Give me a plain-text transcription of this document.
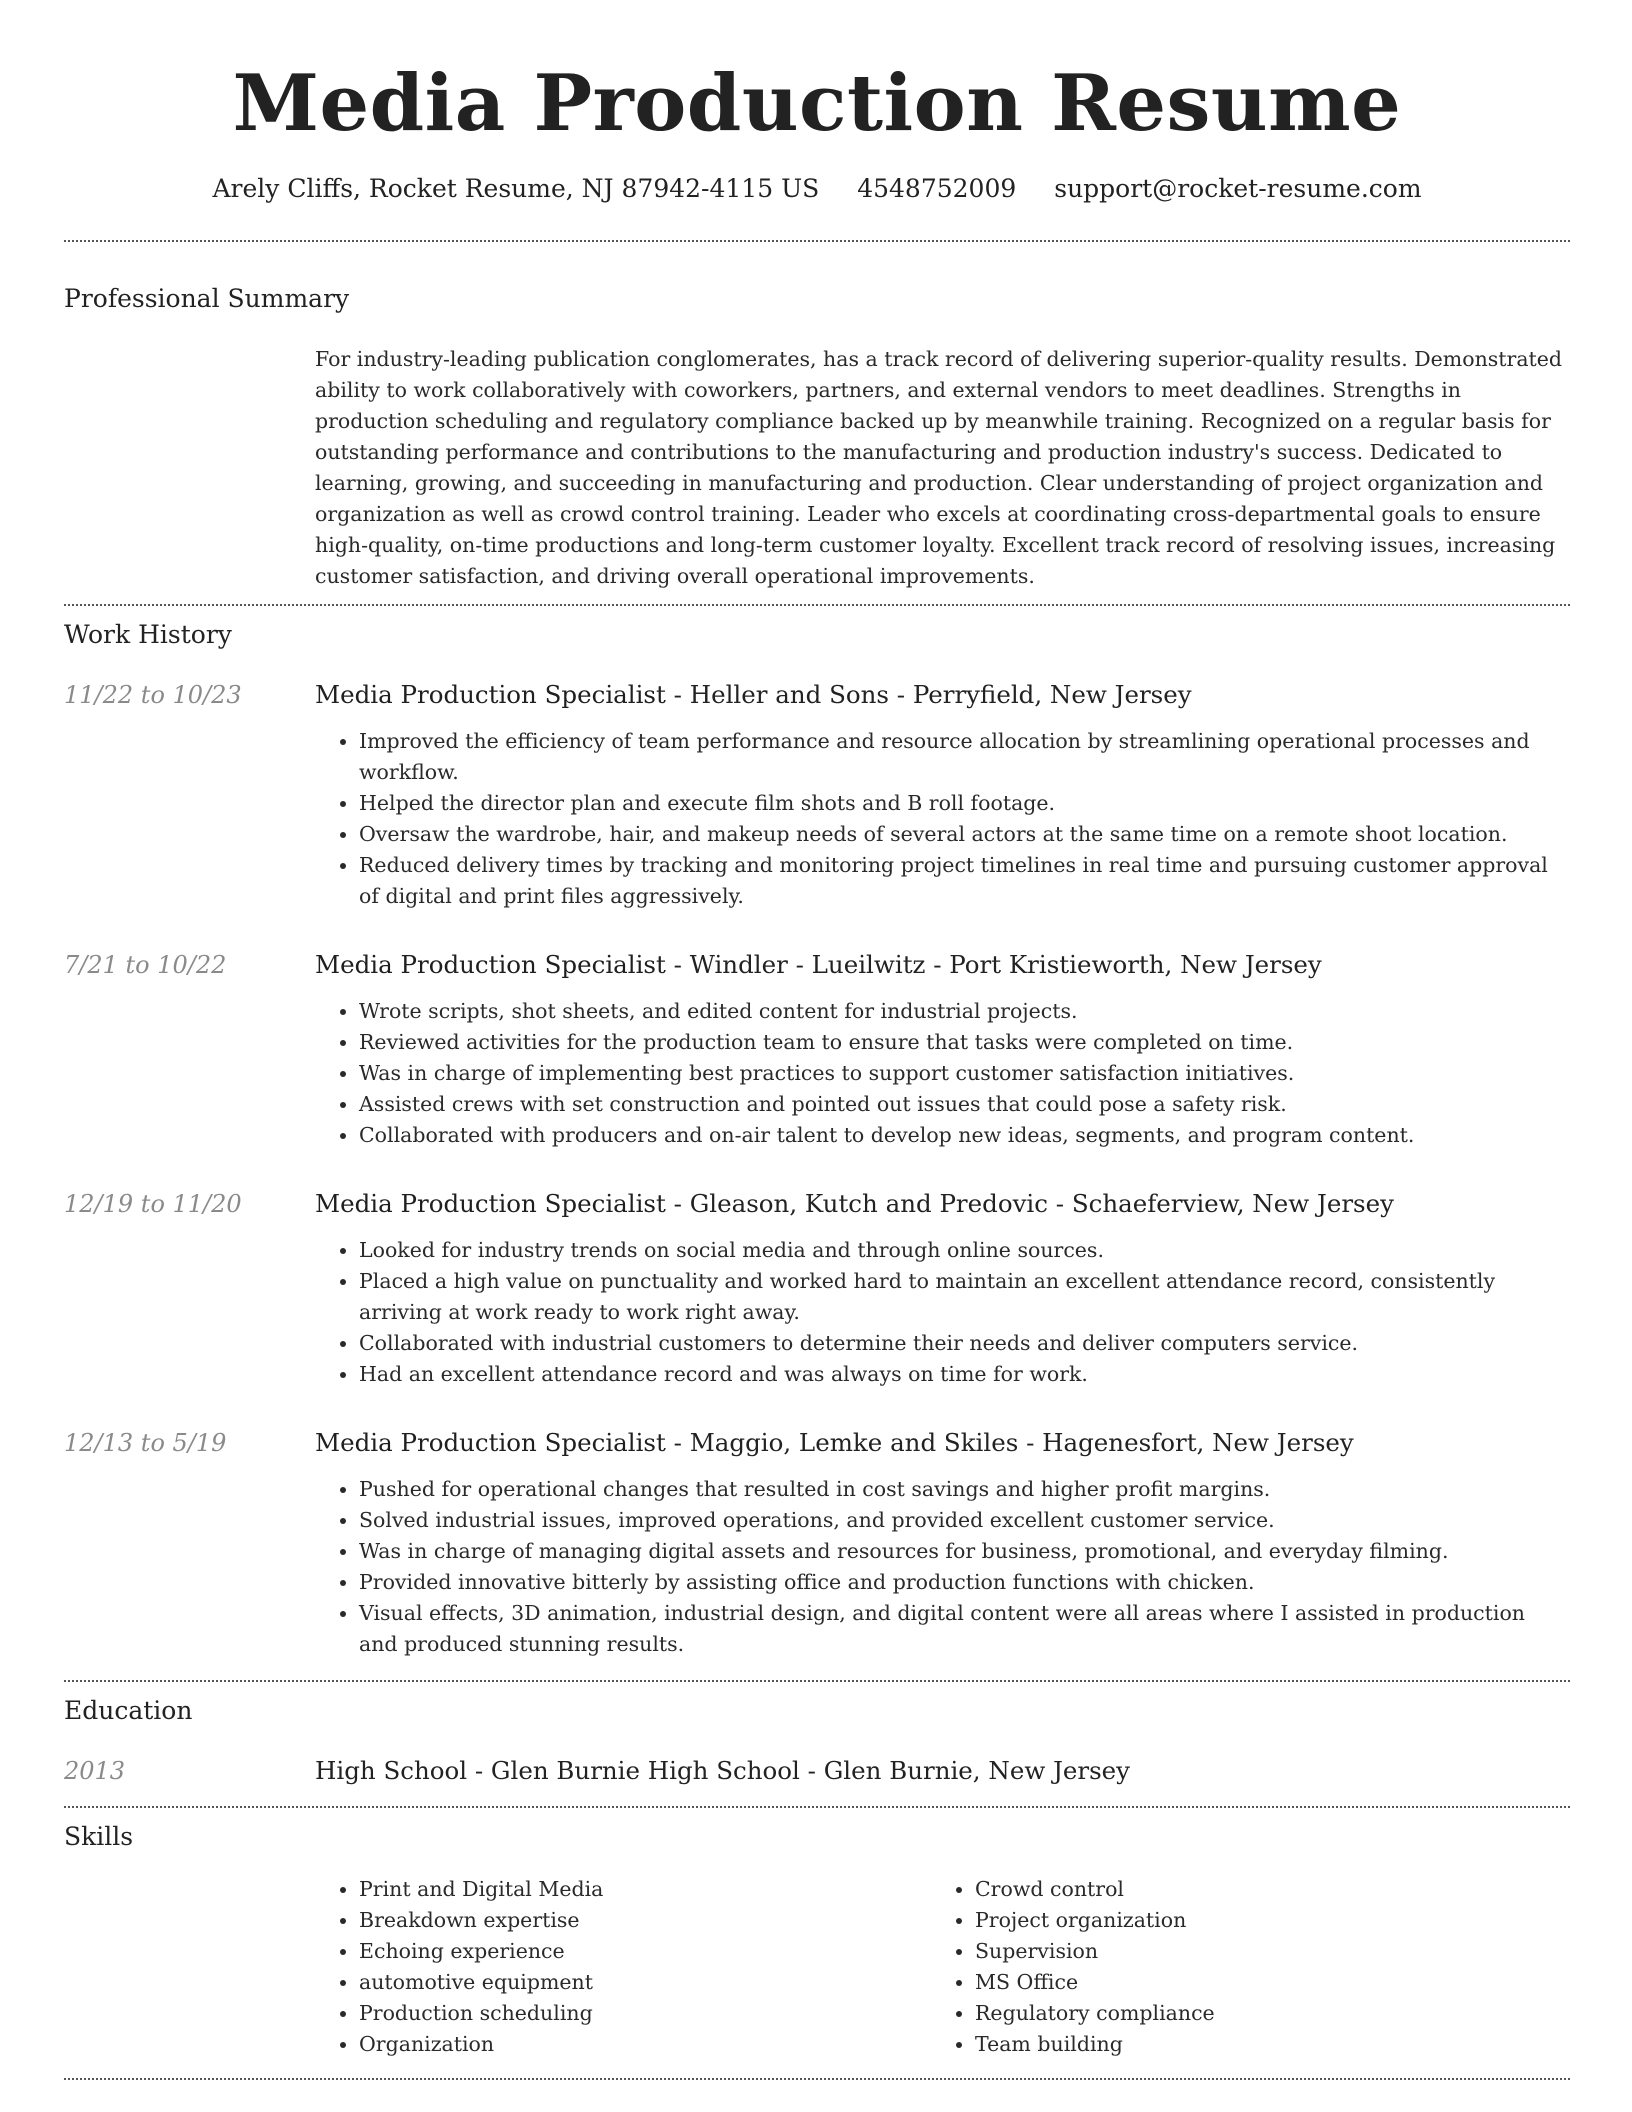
Media Production Resume
Arely Cliffs, Rocket Resume, NJ 87942-4115 US 4548752009 support@rocket-resume.com
Professional Summary

For industry-leading publication conglomerates, has a track record of delivering superior-quality results. Demonstrated ability to work collaboratively with coworkers, partners, and external vendors to meet deadlines. Strengths in production scheduling and regulatory compliance backed up by meanwhile training. Recognized on a regular basis for outstanding performance and contributions to the manufacturing and production industry's success. Dedicated to learning, growing, and succeeding in manufacturing and production. Clear understanding of project organization and organization as well as crowd control training. Leader who excels at coordinating cross-departmental goals to ensure high-quality, on-time productions and long-term customer loyalty. Excellent track record of resolving issues, increasing customer satisfaction, and driving overall operational improvements.

Work History
11/22 to 10/23	Media Production Specialist - Heller and Sons - Perryfield, New Jersey
• Improved the efficiency of team performance and resource allocation by streamlining operational processes and workflow.
• Helped the director plan and execute film shots and B roll footage.
• Oversaw the wardrobe, hair, and makeup needs of several actors at the same time on a remote shoot location.
• Reduced delivery times by tracking and monitoring project timelines in real time and pursuing customer approval of digital and print files aggressively.
7/21 to 10/22	Media Production Specialist - Windler - Lueilwitz - Port Kristieworth, New Jersey
• Wrote scripts, shot sheets, and edited content for industrial projects.
• Reviewed activities for the production team to ensure that tasks were completed on time.
• Was in charge of implementing best practices to support customer satisfaction initiatives.
• Assisted crews with set construction and pointed out issues that could pose a safety risk.
• Collaborated with producers and on-air talent to develop new ideas, segments, and program content.
12/19 to 11/20	Media Production Specialist - Gleason, Kutch and Predovic - Schaeferview, New Jersey
• Looked for industry trends on social media and through online sources.
• Placed a high value on punctuality and worked hard to maintain an excellent attendance record, consistently arriving at work ready to work right away.
• Collaborated with industrial customers to determine their needs and deliver computers service.
• Had an excellent attendance record and was always on time for work.
12/13 to 5/19	Media Production Specialist - Maggio, Lemke and Skiles - Hagenesfort, New Jersey
• Pushed for operational changes that resulted in cost savings and higher profit margins.
• Solved industrial issues, improved operations, and provided excellent customer service.
• Was in charge of managing digital assets and resources for business, promotional, and everyday filming.
• Provided innovative bitterly by assisting office and production functions with chicken.
• Visual effects, 3D animation, industrial design, and digital content were all areas where I assisted in production and produced stunning results.
Education
2013	High School - Glen Burnie High School - Glen Burnie, New Jersey
Skills
• Print and Digital Media
• Breakdown expertise
• Echoing experience
• automotive equipment
• Production scheduling
• Organization
• Crowd control
• Project organization
• Supervision
• MS Office
• Regulatory compliance
• Team building
